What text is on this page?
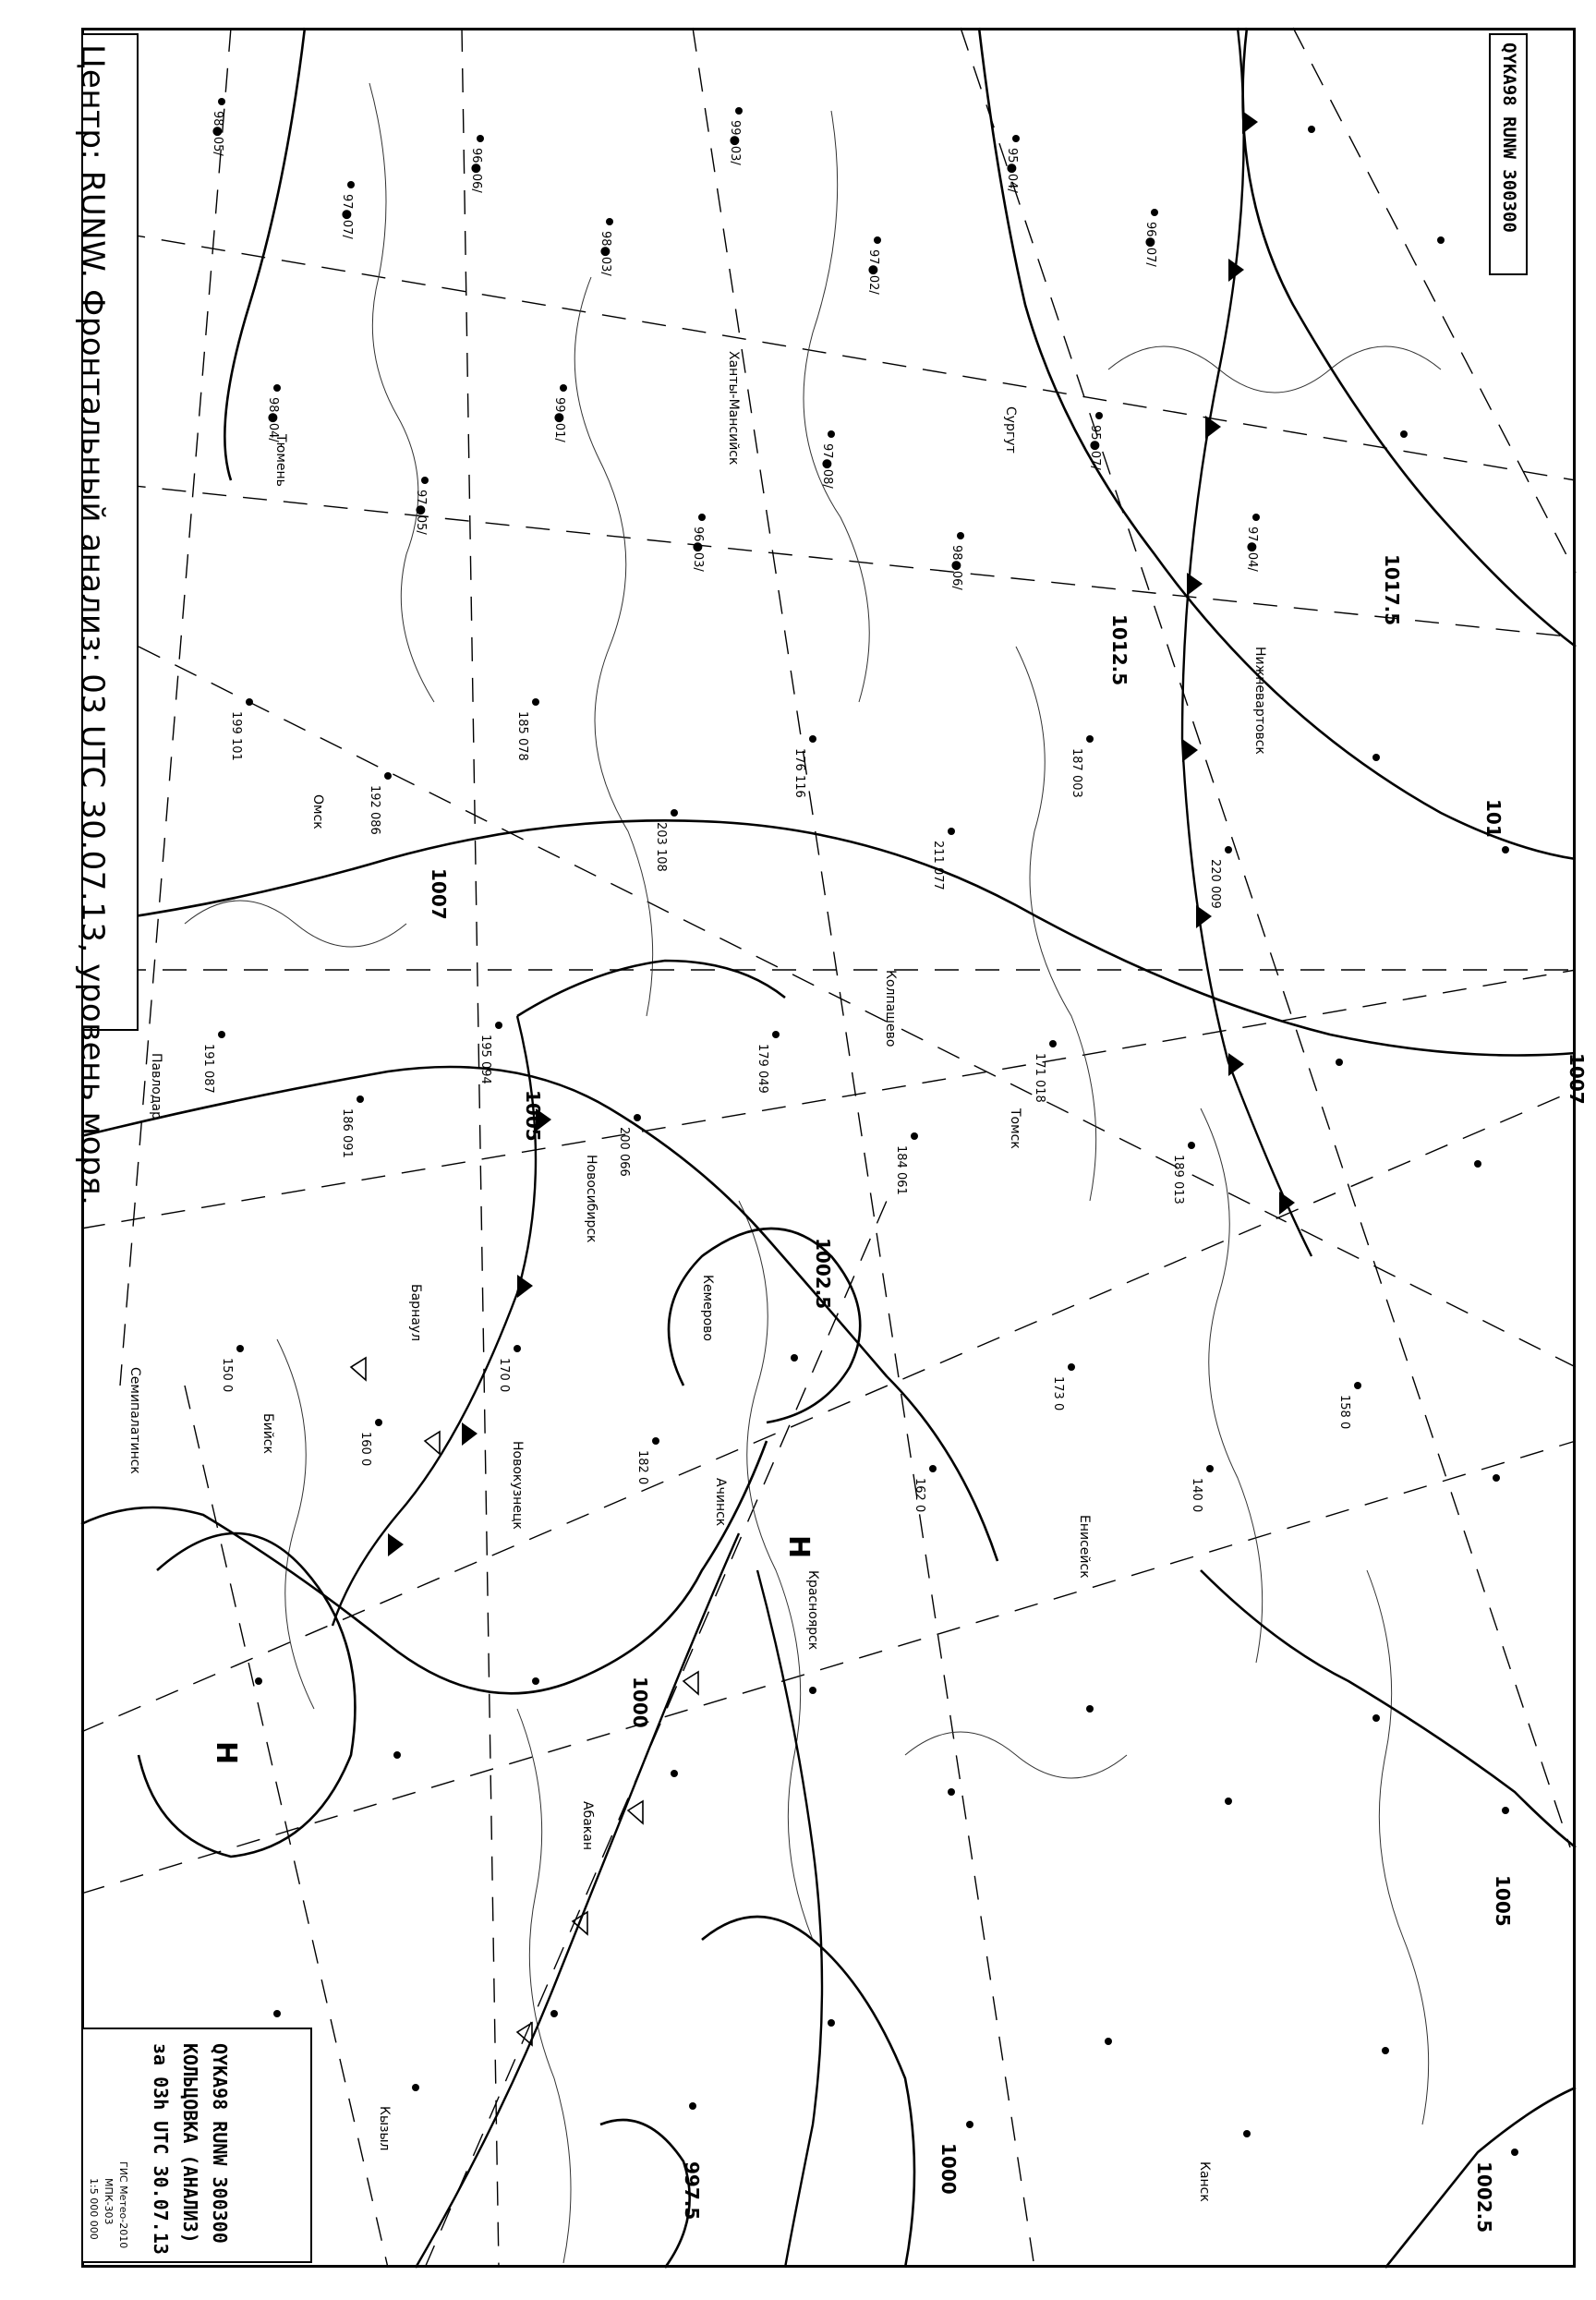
1017.5
1012.5
1007
1005
1002.5
1000
997.5	1000	1002.5
1005
1007
101
Н
Н
98●05/
97●07/
96●06/
98●03/
99●03/
97●02/
95●04/
96●07/
98●04/
97●05/
99●01/
96●03/
97●08/
98●06/
95●07/
97●04/
199 101
192 086
185 078
203 108
176 116
211 077
187 003
220 009
191 087
186 091
195 094
200 066
179 049
184 061
171 018
189 013
150 0
160 0
170 0
182 0
162 0
173 0
140 0
158 0
Барнаул
Новосибирск
Кемерово
Красноярск
Абакан
Томск
Омск
Тюмень	Ханты-Мансийск	Сургут
Нижневартовск
Новокузнецк
Бийск
Павлодар
Семипалатинск
Кызыл
Колпашево
Ачинск
Енисейск
Канск
Центр: RUNW. Фронтальный анализ: 03 UTC 30.07.13, уровень моря.	QYKA98 RUNW 300300
QYKA98 RUNW 300300
КОЛЬЦОВКА (АНАЛИЗ)
за 03h UTC 30.07.13
ГИС Метео-2010
МПК-303
1:5 000 000
